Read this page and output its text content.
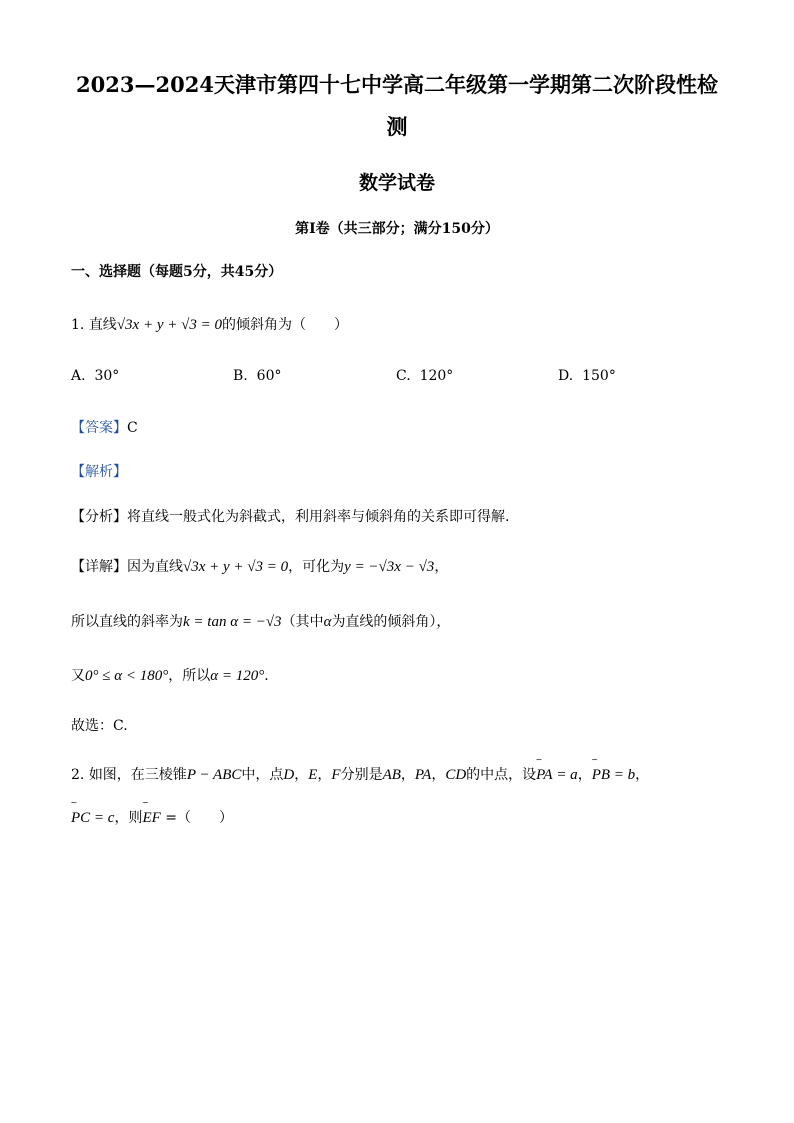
2023—2024天津市第四十七中学高二年级第一学期第二次阶段性检
测
数学试卷
第I卷（共三部分；满分150分）
一、选择题（每题5分，共45分）
1. 直线√3x + y + √3 = 0的倾斜角为（　　）
A. 30°	B. 60°	C. 120°	D. 150°
【答案】C
【解析】
【分析】将直线一般式化为斜截式，利用斜率与倾斜角的关系即可得解.
【详解】因为直线√3x + y + √3 = 0，可化为y = −√3x − √3，
所以直线的斜率为k = tan α = −√3（其中α为直线的倾斜角），
又0° ≤ α < 180°，所以α = 120°.
故选：C.
2. 如图，在三棱锥P − ABC中，点D，E，F分别是AB，PA，CD的中点，设˜˜ PA = a，˜˜ PB = b，
˜˜ PC = c，则˜˜ EF =（　　）
